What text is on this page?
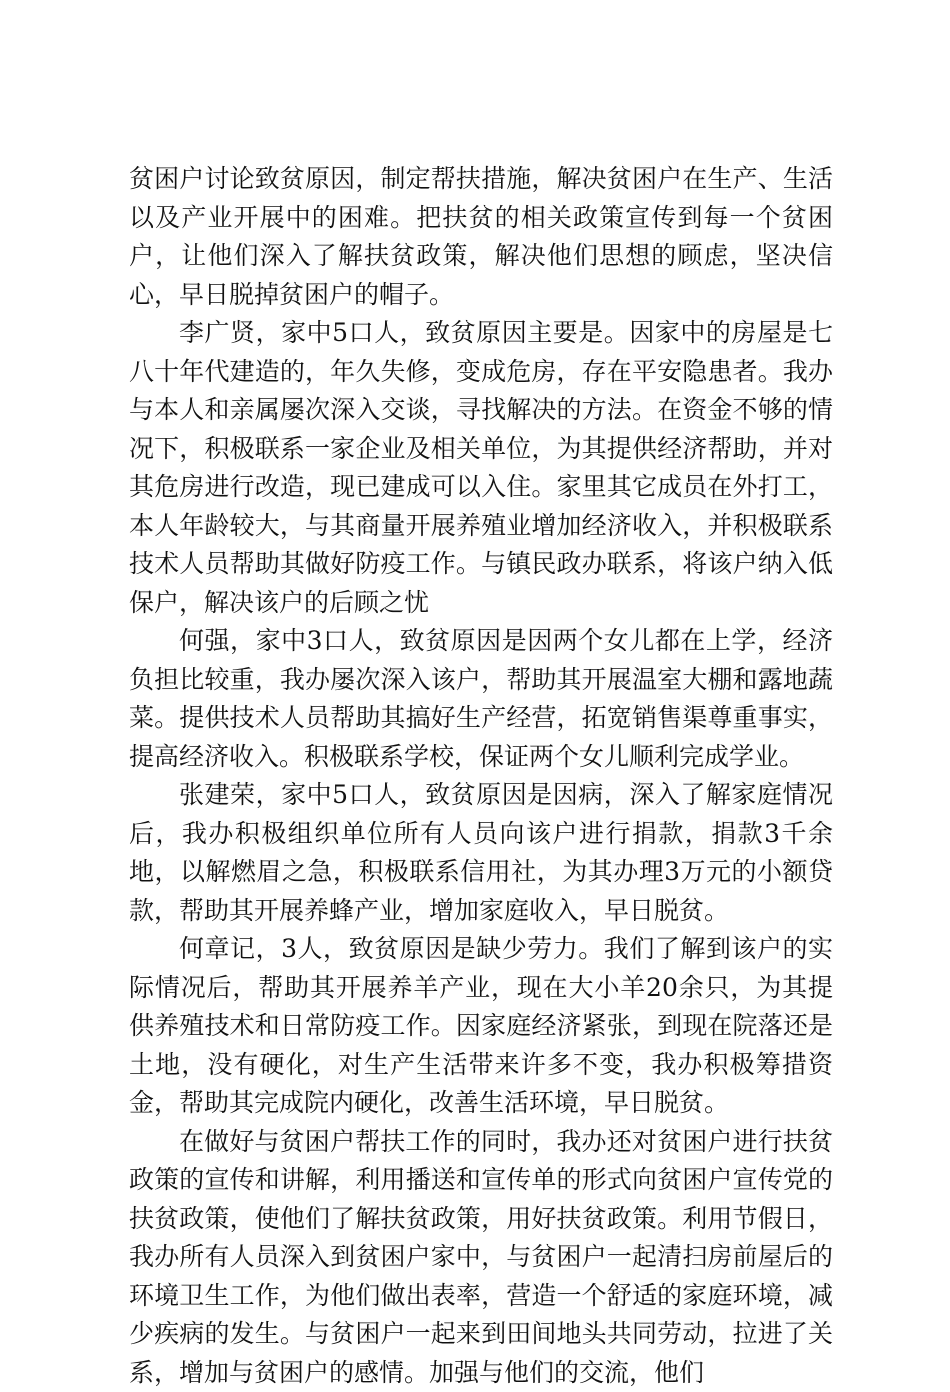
贫困户讨论致贫原因，制定帮扶措施，解决贫困户在生产、生活以及产业开展中的困难。把扶贫的相关政策宣传到每一个贫困户，让他们深入了解扶贫政策，解决他们思想的顾虑，坚决信心，早日脱掉贫困户的帽子。

李广贤，家中5口人，致贫原因主要是。因家中的房屋是七八十年代建造的，年久失修，变成危房，存在平安隐患者。我办与本人和亲属屡次深入交谈，寻找解决的方法。在资金不够的情况下，积极联系一家企业及相关单位，为其提供经济帮助，并对其危房进行改造，现已建成可以入住。家里其它成员在外打工，本人年龄较大，与其商量开展养殖业增加经济收入，并积极联系技术人员帮助其做好防疫工作。与镇民政办联系，将该户纳入低保户，解决该户的后顾之忧

何强，家中3口人，致贫原因是因两个女儿都在上学，经济负担比较重，我办屡次深入该户，帮助其开展温室大棚和露地蔬菜。提供技术人员帮助其搞好生产经营，拓宽销售渠尊重事实，提高经济收入。积极联系学校，保证两个女儿顺利完成学业。

张建荣，家中5口人，致贫原因是因病，深入了解家庭情况后，我办积极组织单位所有人员向该户进行捐款，捐款3千余地，以解燃眉之急，积极联系信用社，为其办理3万元的小额贷款，帮助其开展养蜂产业，增加家庭收入，早日脱贫。

何章记，3人，致贫原因是缺少劳力。我们了解到该户的实际情况后，帮助其开展养羊产业，现在大小羊20余只，为其提供养殖技术和日常防疫工作。因家庭经济紧张，到现在院落还是土地，没有硬化，对生产生活带来许多不变，我办积极筹措资金，帮助其完成院内硬化，改善生活环境，早日脱贫。

在做好与贫困户帮扶工作的同时，我办还对贫困户进行扶贫政策的宣传和讲解，利用播送和宣传单的形式向贫困户宣传党的扶贫政策，使他们了解扶贫政策，用好扶贫政策。利用节假日，我办所有人员深入到贫困户家中，与贫困户一起清扫房前屋后的环境卫生工作，为他们做出表率，营造一个舒适的家庭环境，减少疾病的发生。与贫困户一起来到田间地头共同劳动，拉进了关系，增加与贫困户的感情。加强与他们的交流，他们
